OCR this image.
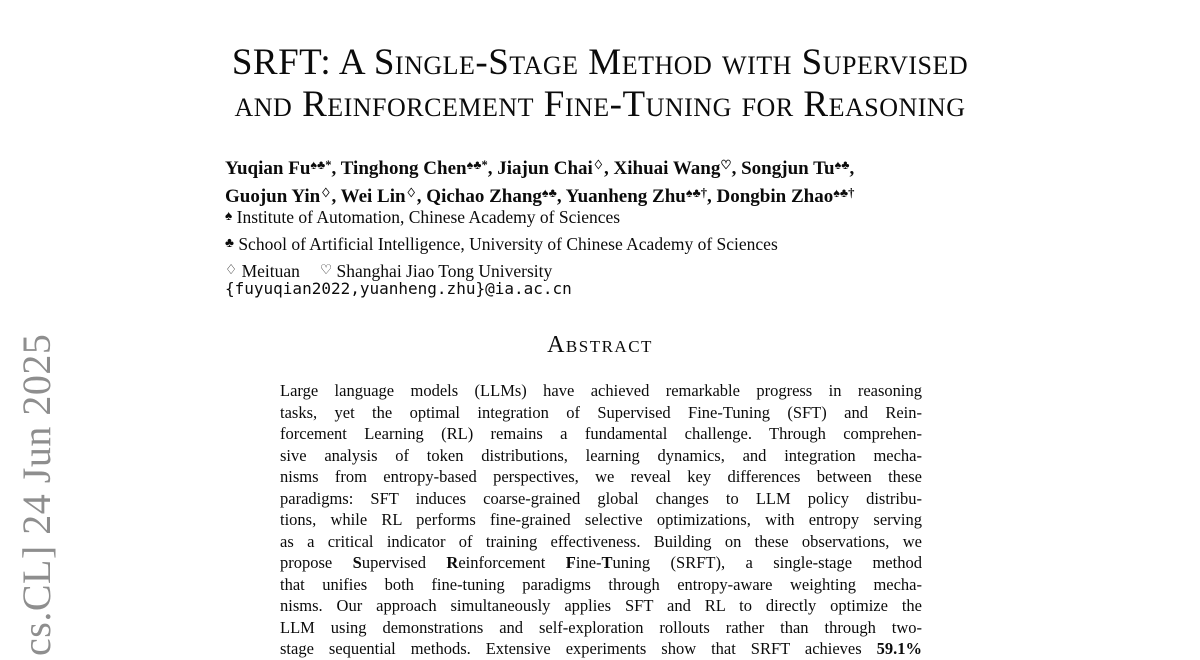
cs.CL] 24 Jun 2025
SRFT: A Single-Stage Method with Supervised
and Reinforcement Fine-Tuning for Reasoning
Yuqian Fu♠♣*, Tinghong Chen♠♣*, Jiajun Chai♢, Xihuai Wang♡, Songjun Tu♠♣,
Guojun Yin♢, Wei Lin♢, Qichao Zhang♠♣, Yuanheng Zhu♠♣†, Dongbin Zhao♠♣†
♠ Institute of Automation, Chinese Academy of Sciences
♣ School of Artificial Intelligence, University of Chinese Academy of Sciences
♢ Meituan ♡ Shanghai Jiao Tong University
{fuyuqian2022,yuanheng.zhu}@ia.ac.cn
Abstract
Large language models (LLMs) have achieved remarkable progress in reasoning
tasks, yet the optimal integration of Supervised Fine-Tuning (SFT) and Rein-
forcement Learning (RL) remains a fundamental challenge. Through comprehen-
sive analysis of token distributions, learning dynamics, and integration mecha-
nisms from entropy-based perspectives, we reveal key differences between these
paradigms: SFT induces coarse-grained global changes to LLM policy distribu-
tions, while RL performs fine-grained selective optimizations, with entropy serving
as a critical indicator of training effectiveness. Building on these observations, we
propose Supervised Reinforcement Fine-Tuning (SRFT), a single-stage method
that unifies both fine-tuning paradigms through entropy-aware weighting mecha-
nisms. Our approach simultaneously applies SFT and RL to directly optimize the
LLM using demonstrations and self-exploration rollouts rather than through two-
stage sequential methods. Extensive experiments show that SRFT achieves 59.1%
